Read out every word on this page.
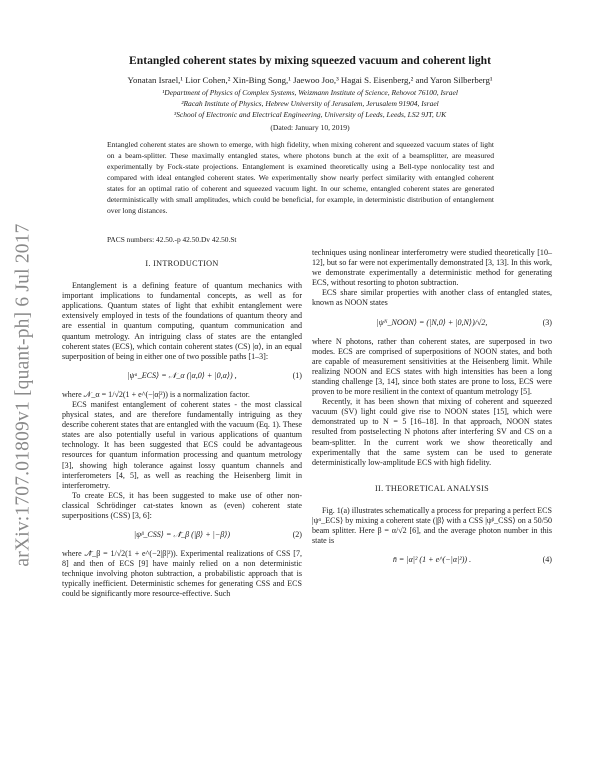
arXiv:1707.01809v1 [quant-ph] 6 Jul 2017
Entangled coherent states by mixing squeezed vacuum and coherent light
Yonatan Israel,¹ Lior Cohen,² Xin-Bing Song,¹ Jaewoo Joo,³ Hagai S. Eisenberg,² and Yaron Silberberg¹
¹Department of Physics of Complex Systems, Weizmann Institute of Science, Rehovot 76100, Israel
²Racah Institute of Physics, Hebrew University of Jerusalem, Jerusalem 91904, Israel
³School of Electronic and Electrical Engineering, University of Leeds, Leeds, LS2 9JT, UK
(Dated: January 10, 2019)
Entangled coherent states are shown to emerge, with high fidelity, when mixing coherent and squeezed vacuum states of light on a beam-splitter. These maximally entangled states, where photons bunch at the exit of a beamsplitter, are measured experimentally by Fock-state projections. Entanglement is examined theoretically using a Bell-type nonlocality test and compared with ideal entangled coherent states. We experimentally show nearly perfect similarity with entangled coherent states for an optimal ratio of coherent and squeezed vacuum light. In our scheme, entangled coherent states are generated deterministically with small amplitudes, which could be beneficial, for example, in deterministic distribution of entanglement over long distances.
PACS numbers: 42.50.-p 42.50.Dv 42.50.St
I. INTRODUCTION

Entanglement is a defining feature of quantum mechanics with important implications to fundamental concepts, as well as for applications. Quantum states of light that exhibit entanglement were extensively employed in tests of the foundations of quantum theory and are essential in quantum computing, quantum communication and quantum metrology. An intriguing class of states are the entangled coherent states (ECS), which contain coherent states (CS) |α⟩, in an equal superposition of being in either one of two possible paths [1–3]:

|ψᵅ_ECS⟩ = 𝒩_α (|α,0⟩ + |0,α⟩) ,	(1)

where 𝒩_α = 1/√2(1 + e^(−|α|²)) is a normalization factor.

ECS manifest entanglement of coherent states - the most classical physical states, and are therefore fundamentally intriguing as they describe coherent states that are entangled with the vacuum (Eq. 1). These states are also potentially useful in various applications of quantum technology. It has been suggested that ECS could be advantageous resources for quantum information processing and quantum metrology [3], showing high tolerance against lossy quantum channels and interferometers [4, 5], as well as reaching the Heisenberg limit in interferometry.

To create ECS, it has been suggested to make use of other non-classical Schrödinger cat-states known as (even) coherent state superpositions (CSS) [3, 6]:

|ψᵝ_CSS⟩ = 𝒩̃_β (|β⟩ + |−β⟩)	(2)

where 𝒩̃_β = 1/√2(1 + e^(−2|β|²)). Experimental realizations of CSS [7, 8] and then of ECS [9] have mainly relied on a non deterministic technique involving photon subtraction, a probabilistic approach that is typically inefficient. Deterministic schemes for generating CSS and ECS could be significantly more resource-effective. Such

techniques using nonlinear interferometry were studied theoretically [10–12], but so far were not experimentally demonstrated [3, 13]. In this work, we demonstrate experimentally a deterministic method for generating ECS, without resorting to photon subtraction.

ECS share similar properties with another class of entangled states, known as NOON states

|ψᴺ_NOON⟩ = (|N,0⟩ + |0,N⟩)/√2,	(3)

where N photons, rather than coherent states, are superposed in two modes. ECS are comprised of superpositions of NOON states, and both are capable of measurement sensitivities at the Heisenberg limit. While realizing NOON and ECS states with high intensities has been a long standing challenge [3, 14], since both states are prone to loss, ECS were proven to be more resilient in the context of quantum metrology [5].

Recently, it has been shown that mixing of coherent and squeezed vacuum (SV) light could give rise to NOON states [15], which were demonstrated up to N = 5 [16–18]. In that approach, NOON states resulted from postselecting N photons after interfering SV and CS on a beam-splitter. In the current work we show theoretically and experimentally that the same system can be used to generate deterministically low-amplitude ECS with high fidelity.

II. THEORETICAL ANALYSIS

Fig. 1(a) illustrates schematically a process for preparing a perfect ECS |ψᵅ_ECS⟩ by mixing a coherent state (|β⟩ with a CSS |ψᵝ_CSS⟩ on a 50/50 beam splitter. Here β = α/√2 [6], and the average photon number in this state is

n̄ = |α|² (1 + e^(−|α|²)) .	(4)
